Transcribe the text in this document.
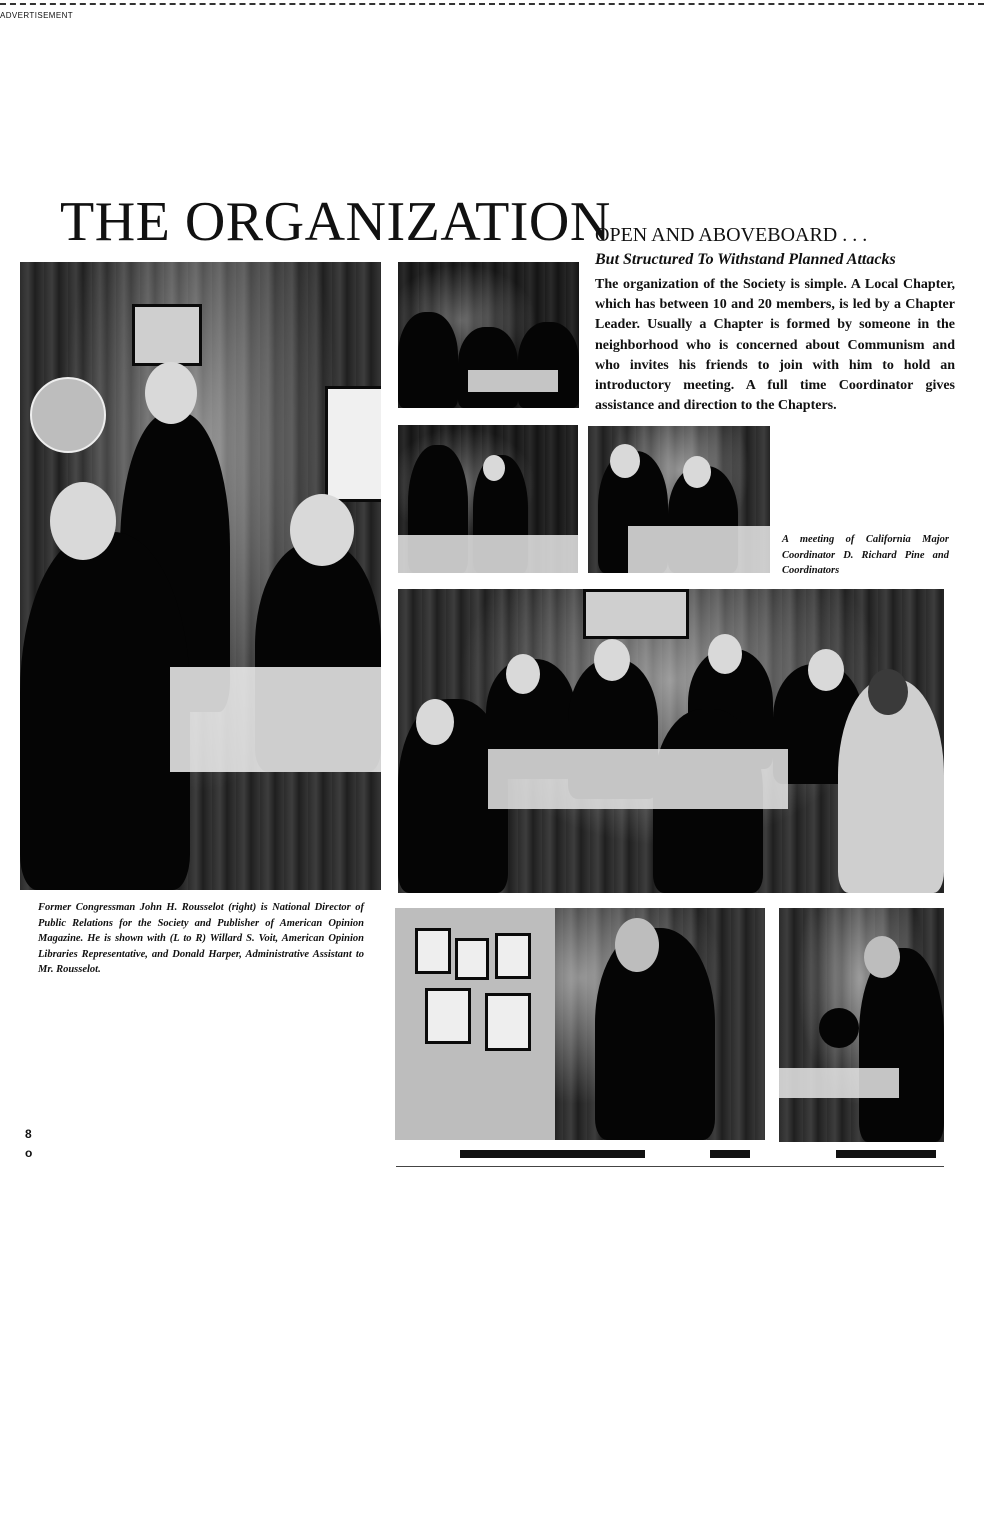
ADVERTISEMENT
THE ORGANIZATION
OPEN AND ABOVEBOARD . . .
But Structured To Withstand Planned Attacks
The organization of the Society is simple. A Local Chapter, which has between 10 and 20 members, is led by a Chapter Leader. Usually a Chapter is formed by someone in the neighborhood who is concerned about Communism and who invites his friends to join with him to hold an introductory meeting. A full time Coordinator gives assistance and direction to the Chapters.
A meeting of California Major Coordinator D. Richard Pine and Coordinators
Former Congressman John H. Rousselot (right) is National Director of Public Relations for the Society and Publisher of American Opinion Magazine. He is shown with (L to R) Willard S. Voit, American Opinion Libraries Representative, and Donald Harper, Administrative Assistant to Mr. Rousselot.
8
o
